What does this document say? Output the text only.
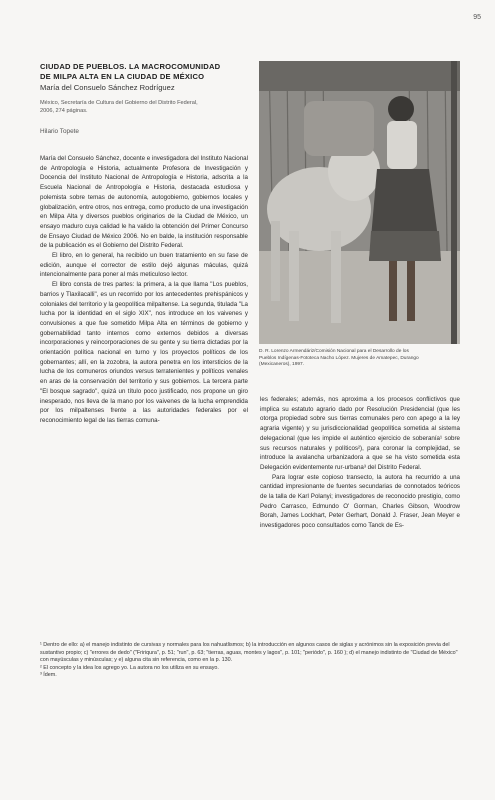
95
CIUDAD DE PUEBLOS. LA MACROCOMUNIDAD
DE MILPA ALTA EN LA CIUDAD DE MÉXICO
María del Consuelo Sánchez Rodríguez
México, Secretaría de Cultura del Gobierno del Distrito Federal,
2006, 274 páginas.
Hilario Topete

María del Consuelo Sánchez, docente e investigadora del Instituto Nacional de Antropología e Historia, actualmente Profesora de Investigación y Docencia del Instituto Nacional de Antropología e Historia, adscrita a la Escuela Nacional de Antropología e Historia, destacada estudiosa y polemista sobre temas de autonomía, autogobierno, gobiernos locales y globalización, entre otros, nos entrega, como producto de una investigación en Milpa Alta y diversos pueblos originarios de la Ciudad de México, un ensayo maduro cuya calidad le ha valido la obtención del Primer Concurso de Ensayo Ciudad de México 2006. No en balde, la institución responsable de la publicación es el Gobierno del Distrito Federal.

El libro, en lo general, ha recibido un buen tratamiento en su fase de edición, aunque el corrector de estilo dejó algunas máculas, quizá intencionalmente para poner al más meticuloso lector.

El libro consta de tres partes: la primera, a la que llama "Los pueblos, barrios y Tlaxilacalli", es un recorrido por los antecedentes prehispánicos y coloniales del territorio y la geopolítica milpaltense. La segunda, titulada "La lucha por la identidad en el siglo XIX", nos introduce en los vaivenes y convulsiones a que fue sometido Milpa Alta en términos de gobierno y gobernabilidad tanto internos como externos debidos a diversas incorporaciones y reincorporaciones de su gente y su tierra dictadas por la orientación política nacional en turno y los proyectos políticos de los gobernantes; allí, en la zozobra, la autora penetra en los intersticios de la lucha de los comuneros oriundos versus terratenientes y políticos venales en aras de la conservación del territorio y sus gobiernos. La tercera parte "El bosque sagrado", quizá un título poco justificado, nos propone un giro inesperado, nos lleva de la mano por los vaivenes de la lucha emprendida por los milpaltenses frente a las autoridades federales por el reconocimiento legal de las tierras comuna-

D. R. Lorenzo Armendáriz/Comisión Nacional para el Desarrollo de los
Pueblos Indígenas-Fototeca Nacho López. Mujeres de Amatepec, Durango
(Mexicaneros), 1997.

les federales; además, nos aproxima a los procesos conflictivos que implica su estatuto agrario dado por Resolución Presidencial (que les otorga propiedad sobre sus tierras comunales pero con apego a la ley agraria vigente) y su jurisdiccionalidad geopolítica sometida al sistema delegacional (que les impide el auténtico ejercicio de soberanía¹ sobre sus recursos naturales y políticos²), para coronar la complejidad, se introduce la avalancha urbanizadora a que se ha visto sometida esta Delegación evidentemente rur-urbana³ del Distrito Federal.

Para lograr este copioso transecto, la autora ha recurrido a una cantidad impresionante de fuentes secundarias de connotados teóricos de la talla de Karl Polanyi; investigadores de reconocido prestigio, como Pedro Carrasco, Edmundo O' Gorman, Charles Gibson, Woodrow Borah, James Lockhart, Peter Gerhart, Donald J. Fraser, Jean Meyer e investigadores poco consultados como Tanck de Es-

¹ Dentro de ello: a) el manejo indistinto de cursivas y normales para los nahuatlismos; b) la introducción en algunos casos de siglas y acrónimos sin la exposición previa del sustantivo propio; c) "errores de dedo" ("Fririqura", p. 51; "run", p. 63; "tierras, aguas, montes y lagos", p. 101; "periódo", p. 160 ); d) el manejo indistinto de "Ciudad de México" con mayúsculas y minúsculas; y e) alguna cita sin referencia, como en la p. 130.

² El concepto y la idea los agrego yo. La autora no los utiliza en su ensayo.

³ Ídem.
